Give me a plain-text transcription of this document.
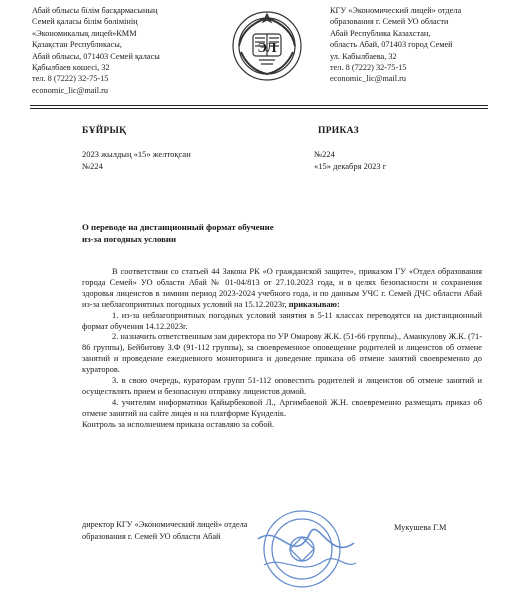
Абай облысы білім басқармасының
Семей қаласы білім бөлімінің
«Экономикалық лицей»КММ
Қазақстан Республикасы,
Абай облысы, 071403 Семей қаласы
Қабылбаев көшесі, 32
тел. 8 (7222) 32-75-15
economic_lic@mail.ru
ЭЛ
КГУ «Экономический лицей» отдела
образования г. Семей УО области
Абай Республика Казахстан,
область Абай, 071403 город Семей
ул. Кабылбаева, 32
тел. 8 (7222) 32-75-15
economic_lic@mail.ru
БҰЙРЫҚ	ПРИКАЗ
2023 жылдың «15» желтоқсан
№224
№224
«15» декабря 2023 г
О переводе на дистанционный формат обучение
из-за погодных условии

В соответствии со статьей 44 Закона РК «О гражданской защите», приказом ГУ «Отдел образования города Семей» УО области Абай № 01-04/813 от 27.10.2023 года, и в целях безопасности и сохранения здоровья лицеистов в зимнии период 2023-2024 учебного года, и по данным УЧС г. Семей ДЧС области Абай из-за неблагоприятных погодных условий на 15.12.2023г, приказываю:

1. из-за неблагоприятных погодных условий занятия в 5-11 классах переводятся на дистанционный формат обучения 14.12.2023г.

2. назначить ответственным зам директора по УР Омарову Ж.К. (51-66 группы)., Аманкулову Ж.К. (71-86 группы), Бейбитову З.Ф (91-112 группы), за своевременное оповещение родителей и лицеистов об отмене занятий и проведение ежедневного мониторинга и доведение приказа об отмене занятий своевременно до кураторов.

3. в свою очередь, кураторам групп 51-112 оповестить родителей и лицеистов об отмене занятий и осуществлять прием и безопасную отправку лицеистов домой.

4. учителям информатики Қайырбековой Л., Аргимбаевой Ж.Н. своевременно размещать приказ об отмене занятий на сайте лицея и на платформе Күнделік.

Контроль за исполнением приказа оставляю за собой.

директор КГУ «Экономический лицей» отдела
образования г. Семей УО области Абай
Мукушева Г.М
